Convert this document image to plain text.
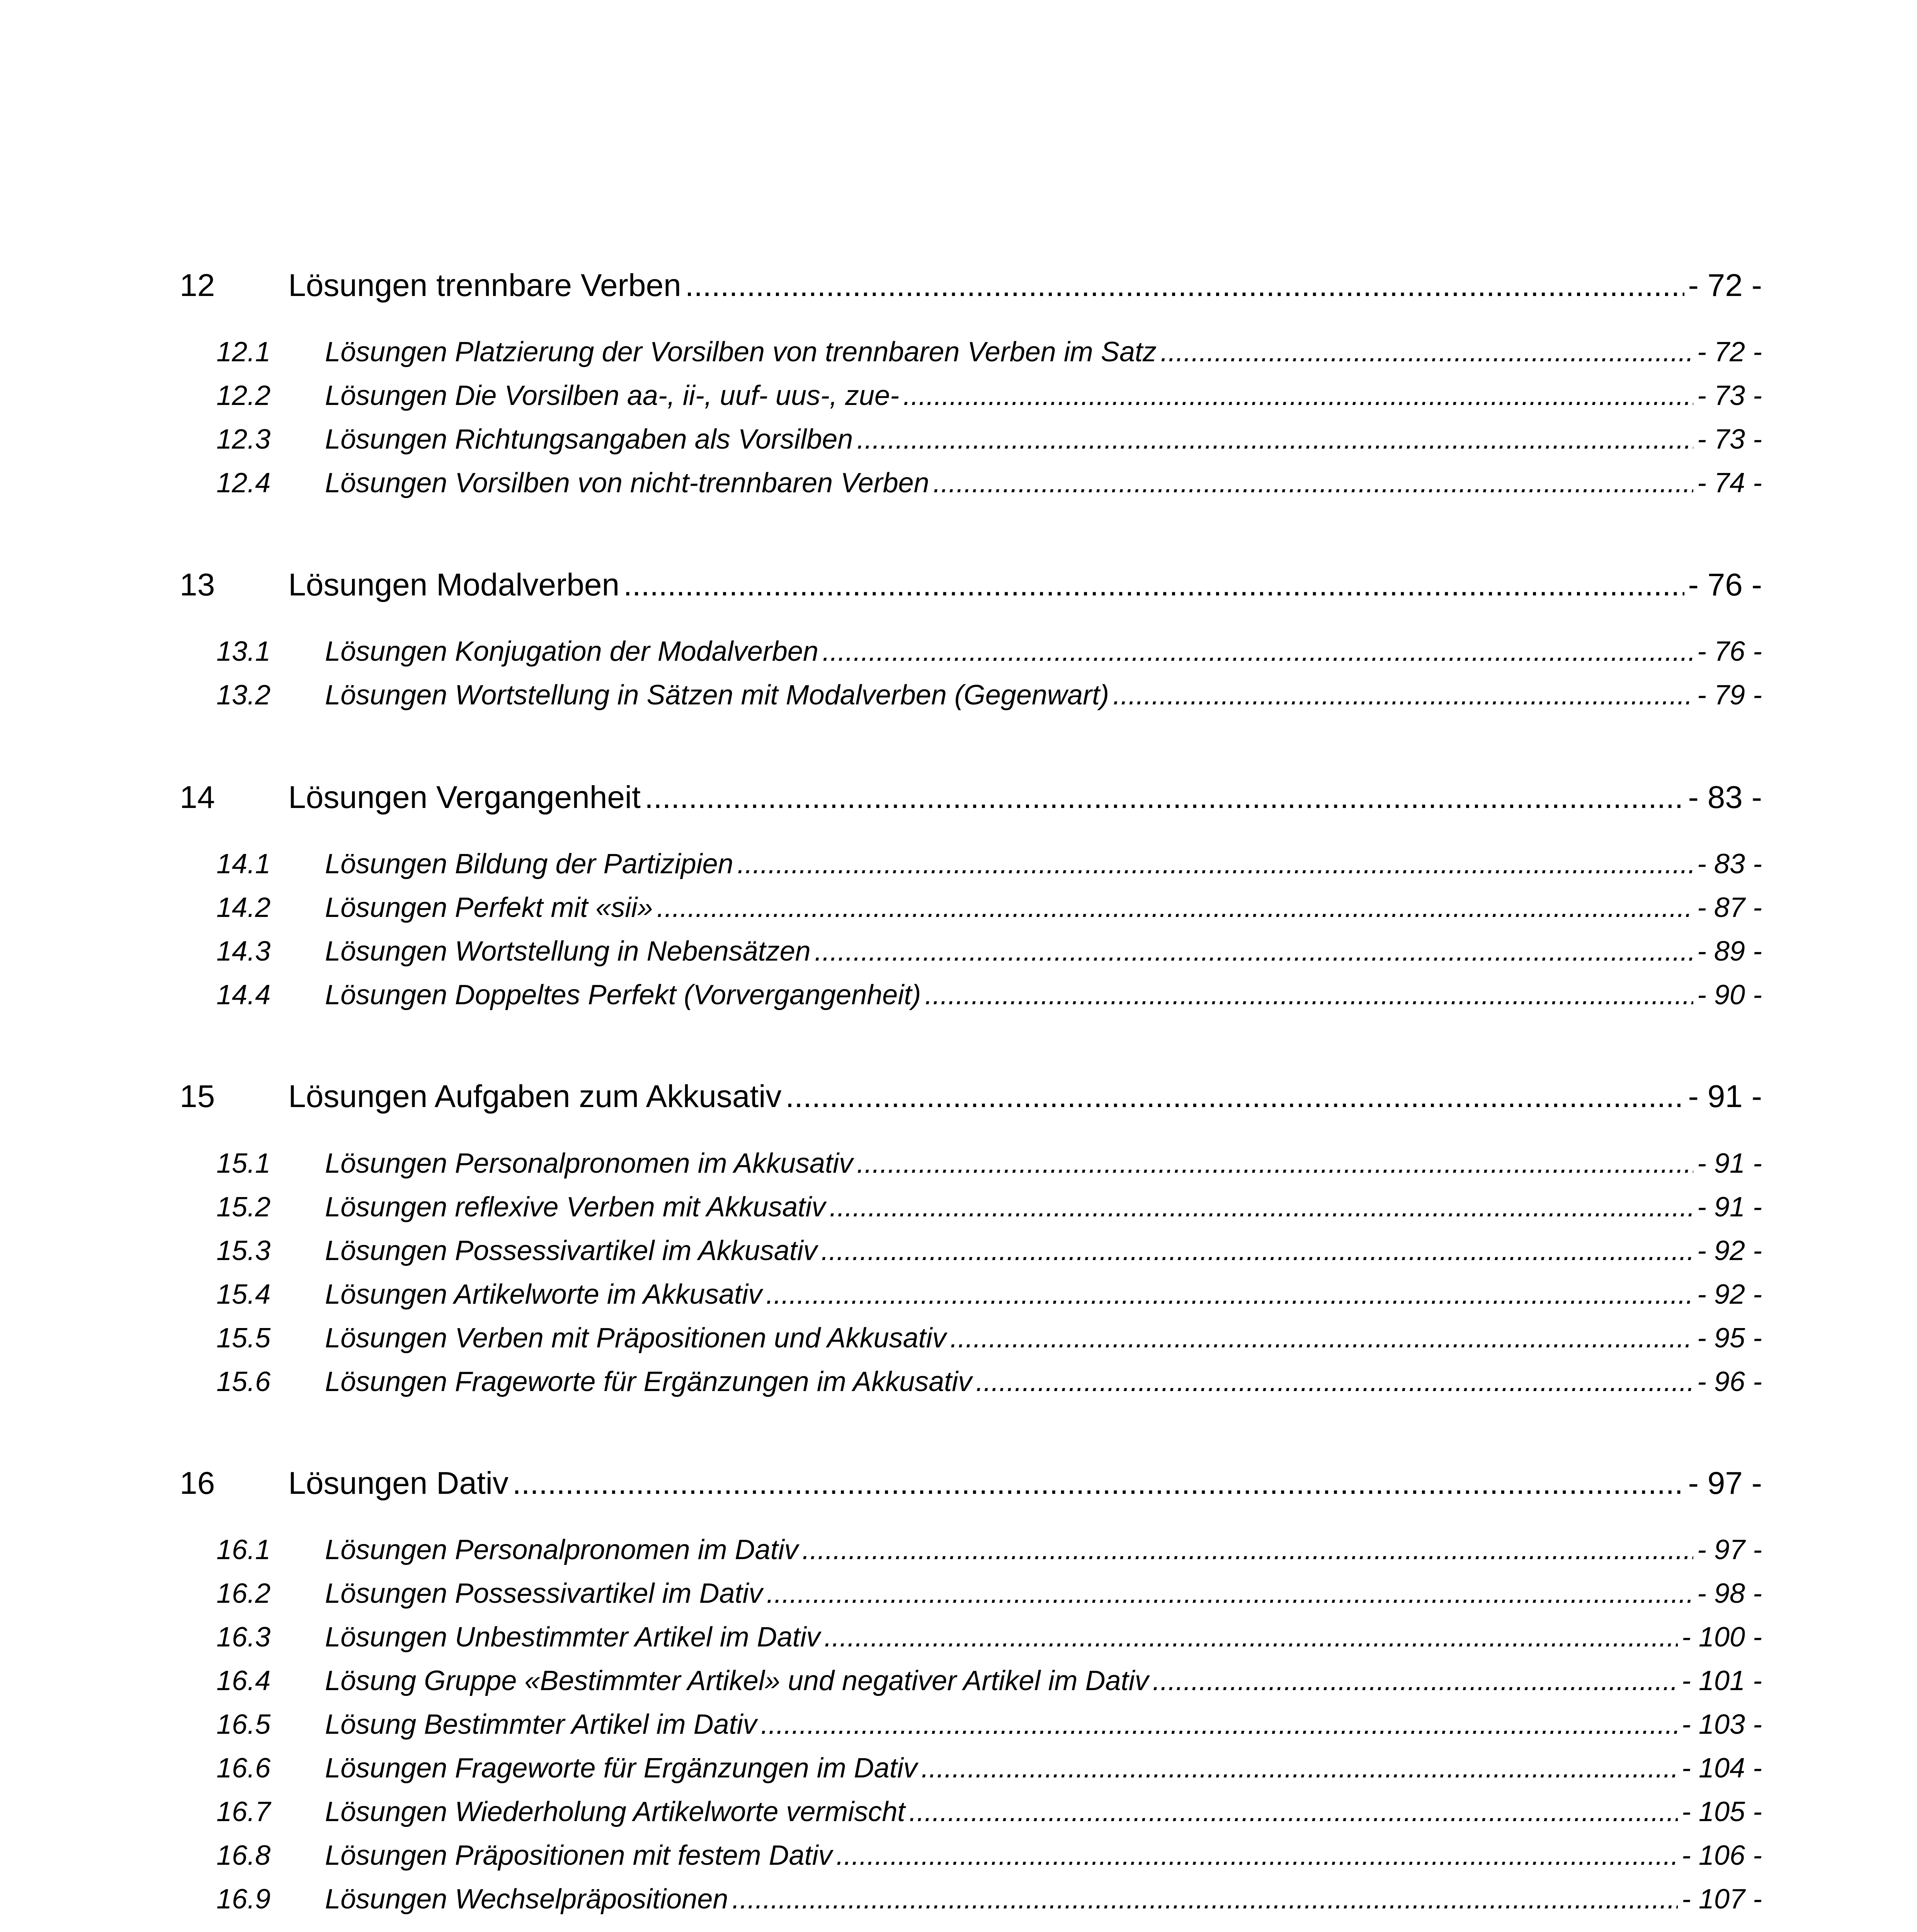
12 Lösungen trennbare Verben .....	- 72 -
12.1 Lösungen Platzierung der Vorsilben von trennbaren Verben im Satz .....	- 72 -
12.2 Lösungen Die Vorsilben aa-, ii-, uuf- uus-, zue- .....	- 73 -
12.3 Lösungen Richtungsangaben als Vorsilben .....	- 73 -
12.4 Lösungen Vorsilben von nicht-trennbaren Verben .....	- 74 -
13 Lösungen Modalverben .....	- 76 -
13.1 Lösungen Konjugation der Modalverben .....	- 76 -
13.2 Lösungen Wortstellung in Sätzen mit Modalverben (Gegenwart) .....	- 79 -
14 Lösungen Vergangenheit .....	- 83 -
14.1 Lösungen Bildung der Partizipien .....	- 83 -
14.2 Lösungen Perfekt mit «sii» .....	- 87 -
14.3 Lösungen Wortstellung in Nebensätzen .....	- 89 -
14.4 Lösungen Doppeltes Perfekt (Vorvergangenheit) .....	- 90 -
15 Lösungen Aufgaben zum Akkusativ .....	- 91 -
15.1 Lösungen Personalpronomen im Akkusativ .....	- 91 -
15.2 Lösungen reflexive Verben mit Akkusativ .....	- 91 -
15.3 Lösungen Possessivartikel im Akkusativ .....	- 92 -
15.4 Lösungen Artikelworte im Akkusativ .....	- 92 -
15.5 Lösungen Verben mit Präpositionen und Akkusativ .....	- 95 -
15.6 Lösungen Frageworte für Ergänzungen im Akkusativ .....	- 96 -
16 Lösungen Dativ .....	- 97 -
16.1 Lösungen Personalpronomen im Dativ .....	- 97 -
16.2 Lösungen Possessivartikel im Dativ .....	- 98 -
16.3 Lösungen Unbestimmter Artikel im Dativ .....	- 100 -
16.4 Lösung Gruppe «Bestimmter Artikel» und negativer Artikel im Dativ .....	- 101 -
16.5 Lösung Bestimmter Artikel im Dativ .....	- 103 -
16.6 Lösungen Frageworte für Ergänzungen im Dativ .....	- 104 -
16.7 Lösungen Wiederholung Artikelworte vermischt .....	- 105 -
16.8 Lösungen Präpositionen mit festem Dativ .....	- 106 -
16.9 Lösungen Wechselpräpositionen .....	- 107 -
